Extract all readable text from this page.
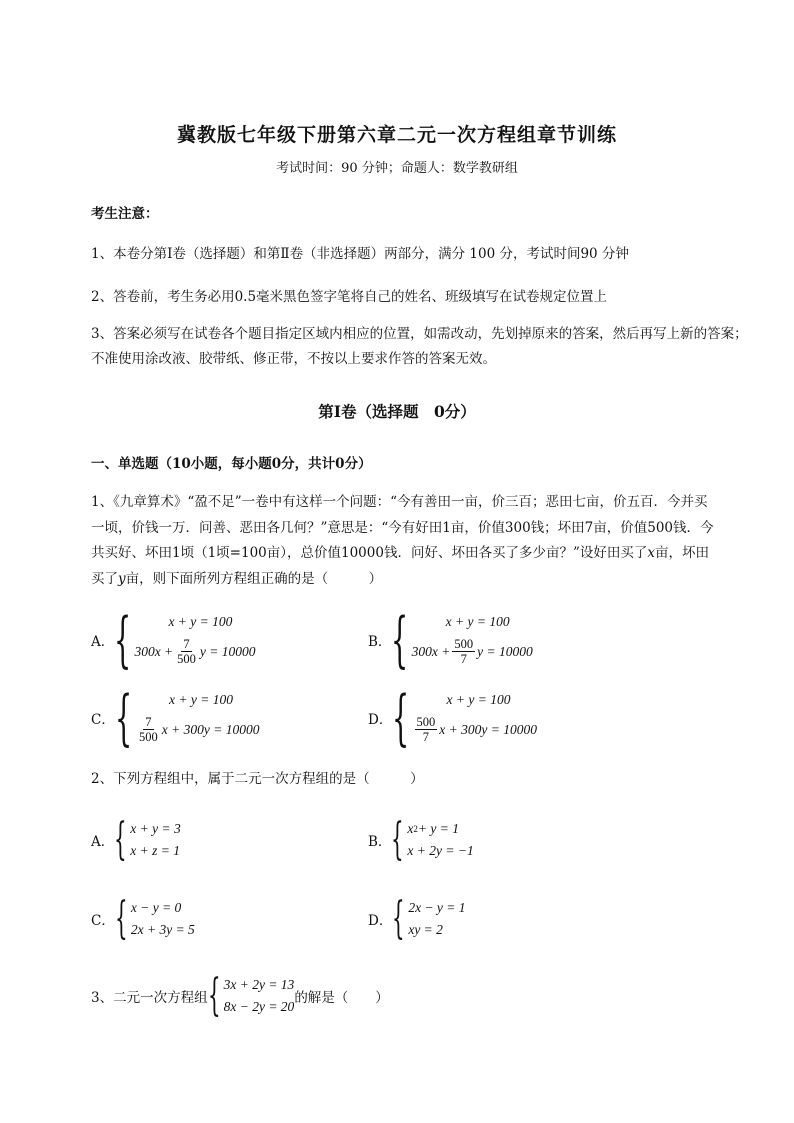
冀教版七年级下册第六章二元一次方程组章节训练
考试时间：90 分钟；命题人：数学教研组
考生注意：
1、本卷分第Ⅰ卷（选择题）和第Ⅱ卷（非选择题）两部分，满分 100 分，考试时间90 分钟
2、答卷前，考生务必用0.5毫米黑色签字笔将自己的姓名、班级填写在试卷规定位置上
3、答案必须写在试卷各个题目指定区域内相应的位置，如需改动，先划掉原来的答案，然后再写上新的答案；不准使用涂改液、胶带纸、修正带，不按以上要求作答的答案无效。
第Ⅰ卷（选择题　0分）
一、单选题（10小题，每小题0分，共计0分）
1、《九章算术》“盈不足”一卷中有这样一个问题：“今有善田一亩，价三百；恶田七亩，价五百．今并买一顷，价钱一万．问善、恶田各几何？”意思是：“今有好田1亩，价值300钱；坏田7亩，价值500钱．今共买好、坏田1顷（1顷=100亩），总价值10000钱．问好、坏田各买了多少亩？”设好田买了x亩，坏田买了y亩，则下面所列方程组正确的是（　　　）
A． {	x + y = 100
$300x + \frac{7}{500}$ y = 10000
B． {	x + y = 100
$300x + \frac{500}{7}$ y = 10000
C． {	x + y = 100
$\frac{7}{500}$ x + 300y = 10000
D． {	x + y = 100
$\frac{500}{7}$ x + 300y = 10000
2、下列方程组中，属于二元一次方程组的是（　　　）
A． { x + y = 3
x + z = 1
B． { x 2 + y = 1
x + 2y = −1
C． { x − y = 0
2x + 3y = 5
D． { 2x − y = 1
xy = 2
3、二元一次方程组 { 3x + 2y = 13
8x − 2y = 20
的解是（　　）
